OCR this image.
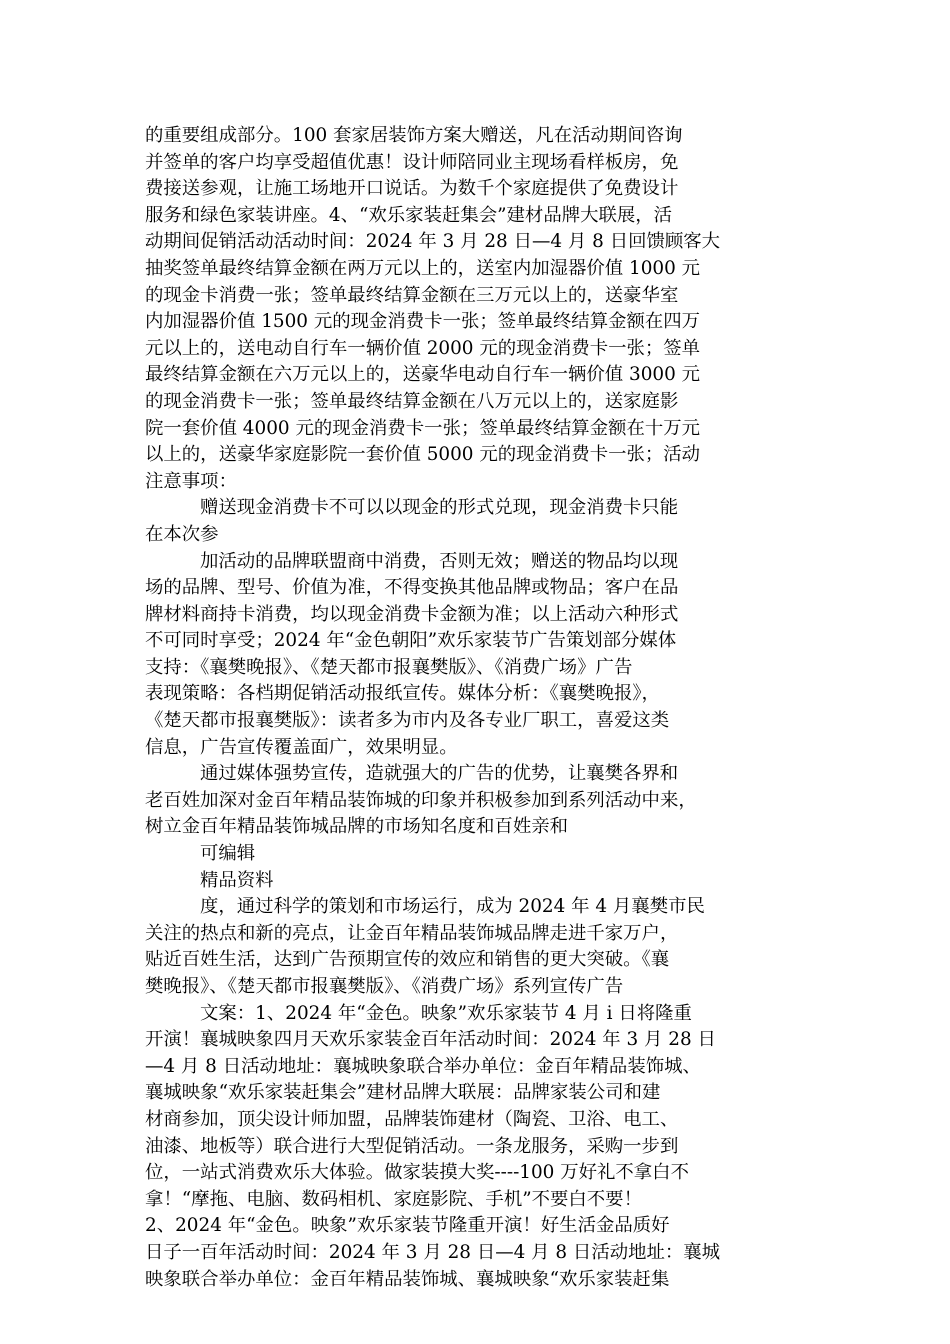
的重要组成部分。100 套家居装饰方案大赠送，凡在活动期间咨询
并签单的客户均享受超值优惠！设计师陪同业主现场看样板房，免
费接送参观，让施工场地开口说话。为数千个家庭提供了免费设计
服务和绿色家装讲座。4、“欢乐家装赶集会”建材品牌大联展，活
动期间促销活动活动时间：2024 年 3 月 28 日—4 月 8 日回馈顾客大
抽奖签单最终结算金额在两万元以上的，送室内加湿器价值 1000 元
的现金卡消费一张；签单最终结算金额在三万元以上的，送豪华室
内加湿器价值 1500 元的现金消费卡一张；签单最终结算金额在四万
元以上的，送电动自行车一辆价值 2000 元的现金消费卡一张；签单
最终结算金额在六万元以上的，送豪华电动自行车一辆价值 3000 元
的现金消费卡一张；签单最终结算金额在八万元以上的，送家庭影
院一套价值 4000 元的现金消费卡一张；签单最终结算金额在十万元
以上的，送豪华家庭影院一套价值 5000 元的现金消费卡一张；活动
注意事项：
赠送现金消费卡不可以以现金的形式兑现，现金消费卡只能
在本次参
加活动的品牌联盟商中消费，否则无效；赠送的物品均以现
场的品牌、型号、价值为准，不得变换其他品牌或物品；客户在品
牌材料商持卡消费，均以现金消费卡金额为准；以上活动六种形式
不可同时享受；2024 年“金色朝阳”欢乐家装节广告策划部分媒体
支持：《襄樊晚报》、《楚天都市报襄樊版》、《消费广场》广告
表现策略：各档期促销活动报纸宣传。媒体分析：《襄樊晚报》，
《楚天都市报襄樊版》：读者多为市内及各专业厂职工，喜爱这类
信息，广告宣传覆盖面广，效果明显。
通过媒体强势宣传，造就强大的广告的优势，让襄樊各界和
老百姓加深对金百年精品装饰城的印象并积极参加到系列活动中来，
树立金百年精品装饰城品牌的市场知名度和百姓亲和
可编辑
精品资料
度，通过科学的策划和市场运行，成为 2024 年 4 月襄樊市民
关注的热点和新的亮点，让金百年精品装饰城品牌走进千家万户，
贴近百姓生活，达到广告预期宣传的效应和销售的更大突破。《襄
樊晚报》、《楚天都市报襄樊版》、《消费广场》系列宣传广告
文案：1、2024 年“金色。映象”欢乐家装节 4 月 i 日将隆重
开演！襄城映象四月天欢乐家装金百年活动时间：2024 年 3 月 28 日
—4 月 8 日活动地址：襄城映象联合举办单位：金百年精品装饰城、
襄城映象“欢乐家装赶集会”建材品牌大联展：品牌家装公司和建
材商参加，顶尖设计师加盟，品牌装饰建材（陶瓷、卫浴、电工、
油漆、地板等）联合进行大型促销活动。一条龙服务，采购一步到
位，一站式消费欢乐大体验。做家装摸大奖----100 万好礼不拿白不
拿！“摩拖、电脑、数码相机、家庭影院、手机”不要白不要！
2、2024 年“金色。映象”欢乐家装节隆重开演！好生活金品质好
日子一百年活动时间：2024 年 3 月 28 日—4 月 8 日活动地址：襄城
映象联合举办单位：金百年精品装饰城、襄城映象“欢乐家装赶集
